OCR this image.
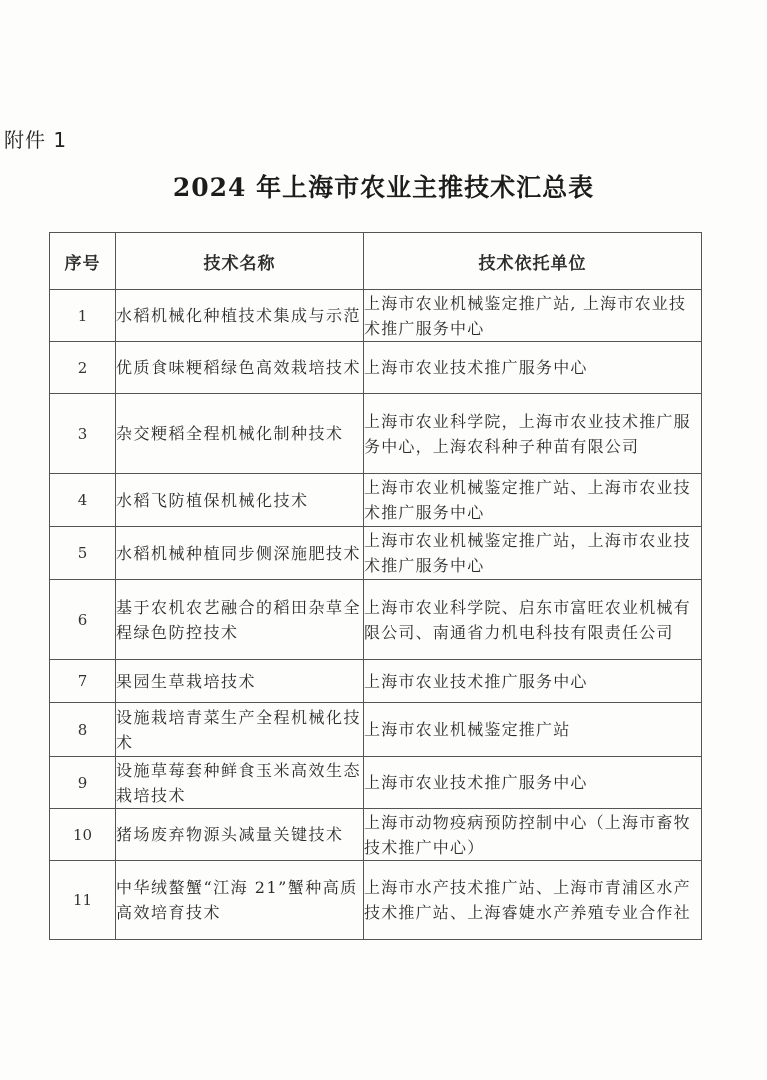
附件 1
2024 年上海市农业主推技术汇总表
序号	技术名称	技术依托单位
1	水稻机械化种植技术集成与示范	上海市农业机械鉴定推广站, 上海市农业技术推广服务中心
2	优质食味粳稻绿色高效栽培技术	上海市农业技术推广服务中心
3	杂交粳稻全程机械化制种技术	上海市农业科学院，上海市农业技术推广服务中心，上海农科种子种苗有限公司
4	水稻飞防植保机械化技术	上海市农业机械鉴定推广站、上海市农业技术推广服务中心
5	水稻机械种植同步侧深施肥技术	上海市农业机械鉴定推广站，上海市农业技术推广服务中心
6	基于农机农艺融合的稻田杂草全程绿色防控技术	上海市农业科学院、启东市富旺农业机械有限公司、南通省力机电科技有限责任公司
7	果园生草栽培技术	上海市农业技术推广服务中心
8	设施栽培青菜生产全程机械化技术	上海市农业机械鉴定推广站
9	设施草莓套种鲜食玉米高效生态栽培技术	上海市农业技术推广服务中心
10	猪场废弃物源头减量关键技术	上海市动物疫病预防控制中心（上海市畜牧技术推广中心）
11	中华绒螯蟹“江海 21”蟹种高质高效培育技术	上海市水产技术推广站、上海市青浦区水产技术推广站、上海睿婕水产养殖专业合作社
